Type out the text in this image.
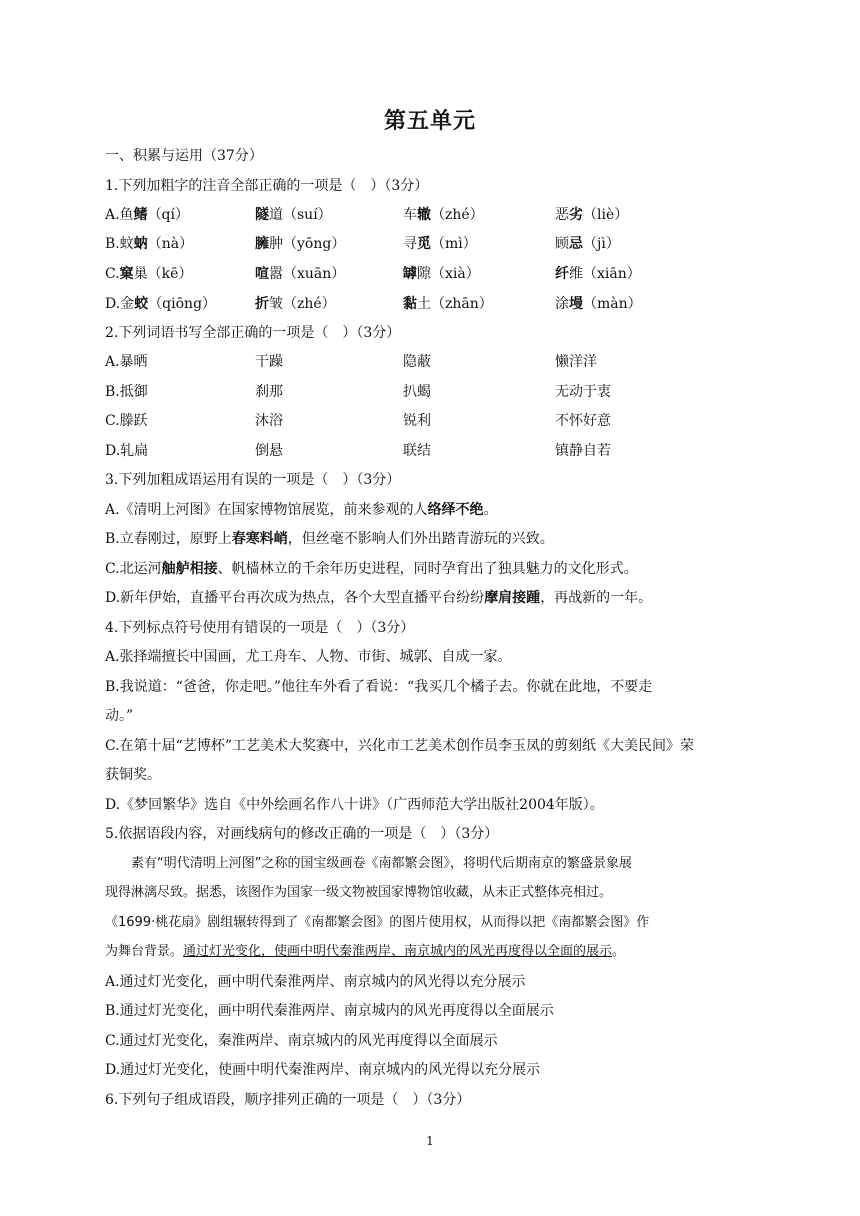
第五单元
一、积累与运用（37分）
1.下列加粗字的注音全部正确的一项是（　）（3分）
A.鱼鳍（qí）	隧道（suí）	车辙（zhé）	恶劣（liè）
B.蚊蚋（nà）	臃肿（yōng）	寻觅（mì）	顾忌（jì）
C.窠巢（kē）	喧嚣（xuān）	罅隙（xià）	纤维（xiān）
D.金蛟（qiōng）	折皱（zhé）	黏土（zhān）	涂墁（màn）
2.下列词语书写全部正确的一项是（　）（3分）
A.暴晒	干躁	隐蔽	懒洋洋
B.抵御	刹那	扒蝎	无动于衷
C.滕跃	沐浴	锐利	不怀好意
D.轧扁	倒悬	联结	镇静自若
3.下列加粗成语运用有误的一项是（　）（3分）
A.《清明上河图》在国家博物馆展览，前来参观的人络绎不绝。
B.立春刚过，原野上春寒料峭，但丝毫不影响人们外出踏青游玩的兴致。
C.北运河舳舻相接、帆樯林立的千余年历史进程，同时孕育出了独具魅力的文化形式。
D.新年伊始，直播平台再次成为热点，各个大型直播平台纷纷摩肩接踵，再战新的一年。
4.下列标点符号使用有错误的一项是（　）（3分）
A.张择端擅长中国画，尤工舟车、人物、市街、城郭、自成一家。
B.我说道：“爸爸，你走吧。”他往车外看了看说：“我买几个橘子去。你就在此地，不要走
动。”
C.在第十届“艺博杯”工艺美术大奖赛中，兴化市工艺美术创作员李玉凤的剪刻纸《大美民间》荣
获铜奖。
D.《梦回繁华》选自《中外绘画名作八十讲》（广西师范大学出版社2004年版）。
5.依据语段内容，对画线病句的修改正确的一项是（　）（3分）
素有“明代清明上河图”之称的国宝级画卷《南都繁会图》，将明代后期南京的繁盛景象展
现得淋漓尽致。据悉，该图作为国家一级文物被国家博物馆收藏，从未正式整体亮相过。
《1699·桃花扇》剧组辗转得到了《南都繁会图》的图片使用权，从而得以把《南都繁会图》作
为舞台背景。通过灯光变化，使画中明代秦淮两岸、南京城内的风光再度得以全面的展示。
A.通过灯光变化，画中明代秦淮两岸、南京城内的风光得以充分展示
B.通过灯光变化，画中明代秦淮两岸、南京城内的风光再度得以全面展示
C.通过灯光变化，秦淮两岸、南京城内的风光再度得以全面展示
D.通过灯光变化，使画中明代秦淮两岸、南京城内的风光得以充分展示
6.下列句子组成语段，顺序排列正确的一项是（　）（3分）
1
